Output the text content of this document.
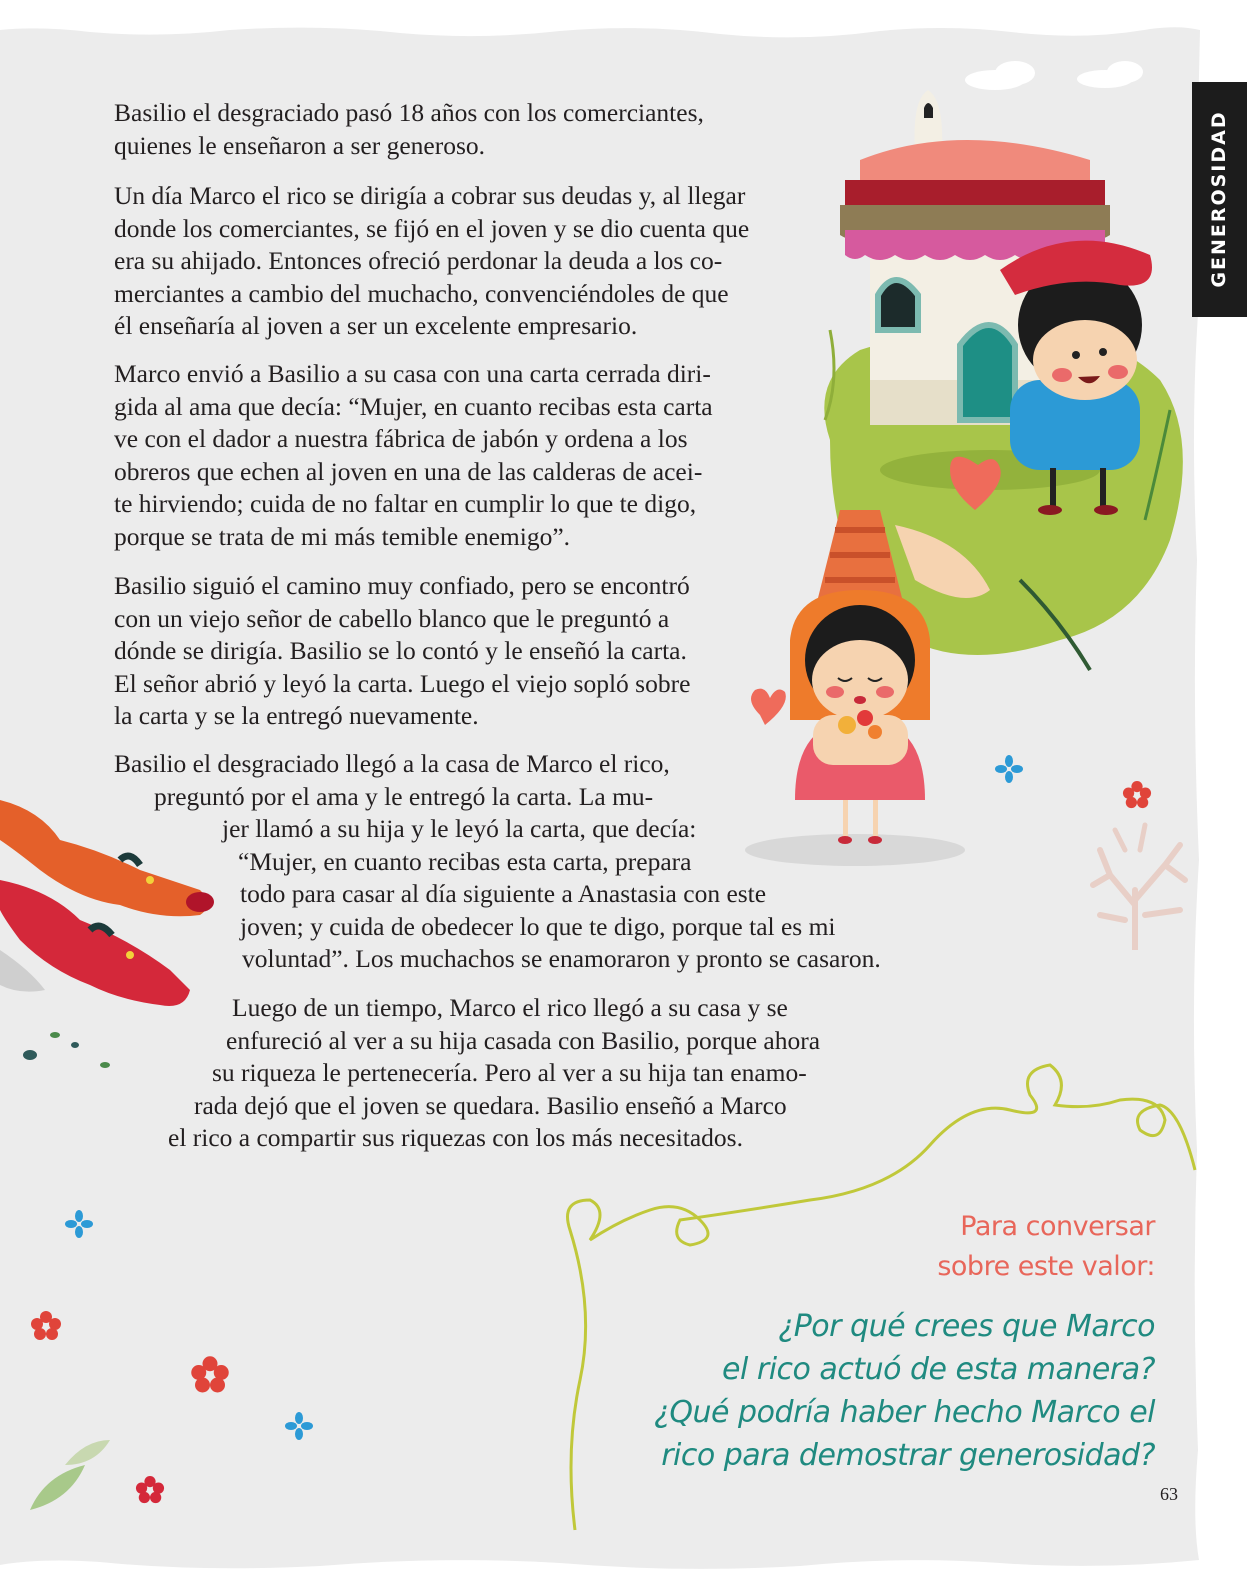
GENEROSIDAD
Basilio el desgraciado pasó 18 años con los comerciantes,
quienes le enseñaron a ser generoso.
Un día Marco el rico se dirigía a cobrar sus deudas y, al llegar
donde los comerciantes, se fijó en el joven y se dio cuenta que
era su ahijado. Entonces ofreció perdonar la deuda a los co-
merciantes a cambio del muchacho, convenciéndoles de que
él enseñaría al joven a ser un excelente empresario.
Marco envió a Basilio a su casa con una carta cerrada diri-
gida al ama que decía: “Mujer, en cuanto recibas esta carta
ve con el dador a nuestra fábrica de jabón y ordena a los
obreros que echen al joven en una de las calderas de acei-
te hirviendo; cuida de no faltar en cumplir lo que te digo,
porque se trata de mi más temible enemigo”.
Basilio siguió el camino muy confiado, pero se encontró
con un viejo señor de cabello blanco que le preguntó a
dónde se dirigía. Basilio se lo contó y le enseñó la carta.
El señor abrió y leyó la carta. Luego el viejo sopló sobre
la carta y se la entregó nuevamente.
Basilio el desgraciado llegó a la casa de Marco el rico,
preguntó por el ama y le entregó la carta. La mu-
jer llamó a su hija y le leyó la carta, que decía:
“Mujer, en cuanto recibas esta carta, prepara
todo para casar al día siguiente a Anastasia con este
joven; y cuida de obedecer lo que te digo, porque tal es mi
voluntad”. Los muchachos se enamoraron y pronto se casaron.
Luego de un tiempo, Marco el rico llegó a su casa y se
enfureció al ver a su hija casada con Basilio, porque ahora
su riqueza le pertenecería. Pero al ver a su hija tan enamo-
rada dejó que el joven se quedara. Basilio enseñó a Marco
el rico a compartir sus riquezas con los más necesitados.
Para conversar
sobre este valor:
¿Por qué crees que Marco
el rico actuó de esta manera?
¿Qué podría haber hecho Marco el
rico para demostrar generosidad?
63
